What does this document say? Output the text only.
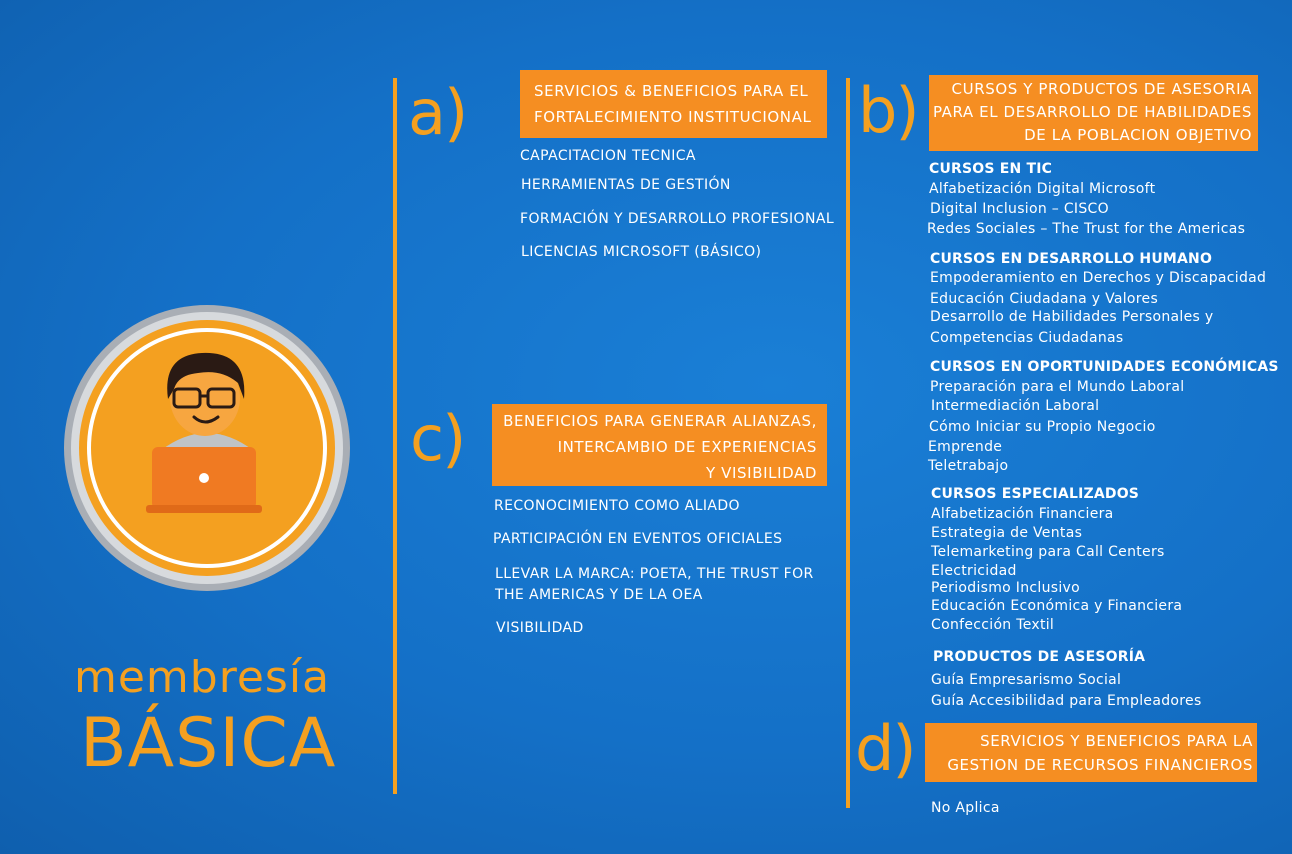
membresía
BÁSICA
a)	SERVICIOS & BENEFICIOS PARA EL
FORTALECIMIENTO INSTITUCIONAL
CAPACITACION TECNICA
HERRAMIENTAS DE GESTIÓN
FORMACIÓN Y DESARROLLO PROFESIONAL
LICENCIAS MICROSOFT (BÁSICO)
c)	BENEFICIOS PARA GENERAR ALIANZAS,
INTERCAMBIO DE EXPERIENCIAS
Y VISIBILIDAD
RECONOCIMIENTO COMO ALIADO
PARTICIPACIÓN EN EVENTOS OFICIALES
LLEVAR LA MARCA: POETA, THE TRUST FOR
THE AMERICAS Y DE LA OEA
VISIBILIDAD
b)	CURSOS Y PRODUCTOS DE ASESORIA
PARA EL DESARROLLO DE HABILIDADES
DE LA POBLACION OBJETIVO
CURSOS EN TIC
Alfabetización Digital Microsoft
Digital Inclusion – CISCO
Redes Sociales – The Trust for the Americas
CURSOS EN DESARROLLO HUMANO
Empoderamiento en Derechos y Discapacidad
Educación Ciudadana y Valores
Desarrollo de Habilidades Personales y
Competencias Ciudadanas
CURSOS EN OPORTUNIDADES ECONÓMICAS
Preparación para el Mundo Laboral
Intermediación Laboral
Cómo Iniciar su Propio Negocio
Emprende
Teletrabajo
CURSOS ESPECIALIZADOS
Alfabetización Financiera
Estrategia de Ventas
Telemarketing para Call Centers
Electricidad
Periodismo Inclusivo
Educación Económica y Financiera
Confección Textil
PRODUCTOS DE ASESORÍA
Guía Empresarismo Social
Guía Accesibilidad para Empleadores
d)	SERVICIOS Y BENEFICIOS PARA LA
GESTION DE RECURSOS FINANCIEROS
No Aplica
